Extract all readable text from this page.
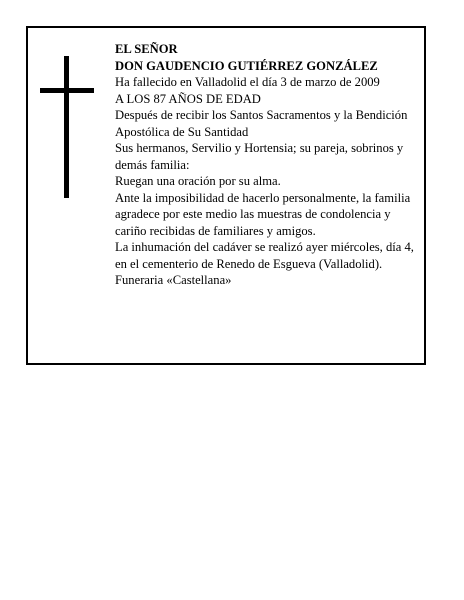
EL SEÑOR

DON GAUDENCIO GUTIÉRREZ GONZÁLEZ

Ha fallecido en Valladolid el día 3 de marzo de 2009

A LOS 87 AÑOS DE EDAD

Después de recibir los Santos Sacramentos y la Bendición Apostólica de Su Santidad

Sus hermanos, Servilio y Hortensia; su pareja, sobrinos y demás familia:

Ruegan una oración por su alma.

Ante la imposibilidad de hacerlo personalmente, la familia agradece por este medio las muestras de condolencia y cariño recibidas de familiares y amigos.

La inhumación del cadáver se realizó ayer miércoles, día 4, en el cementerio de Renedo de Esgueva (Valladolid).

Funeraria «Castellana»
